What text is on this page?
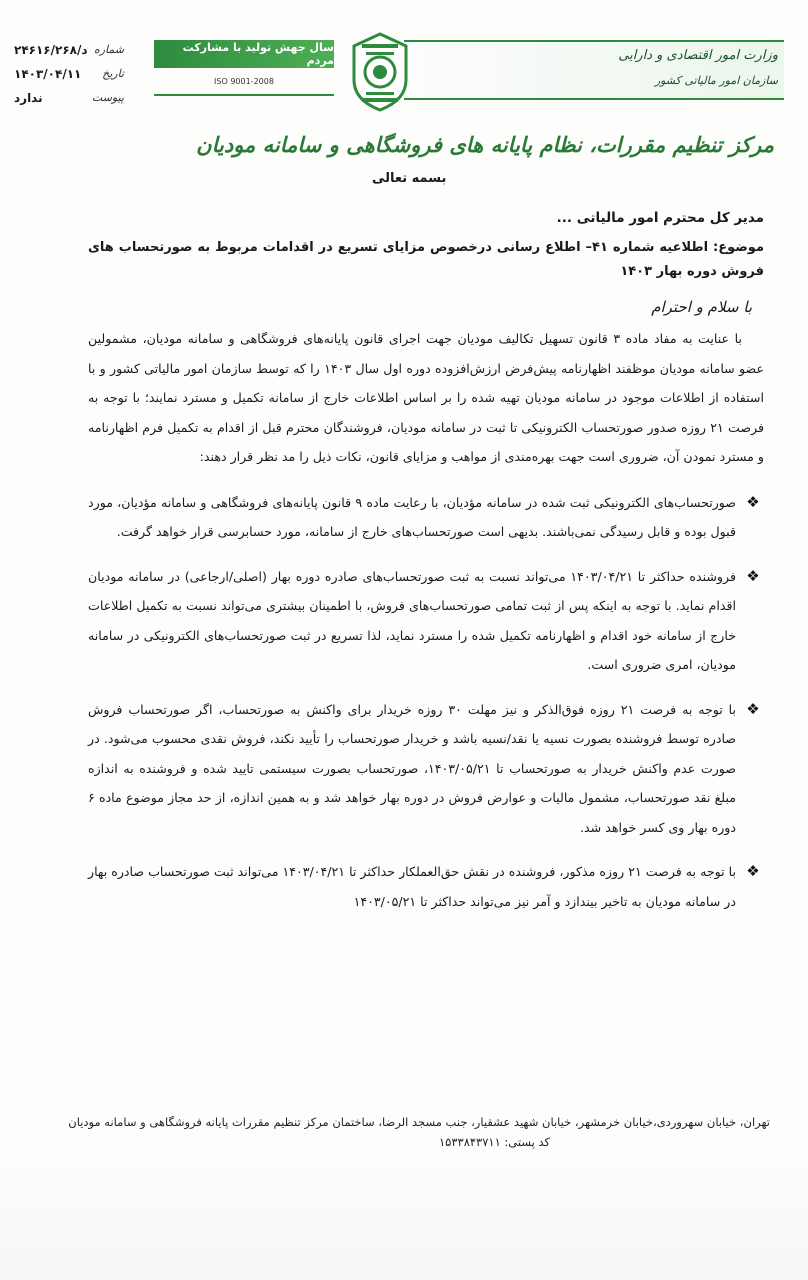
شماره
د/۲۴۶۱۶/۲۶۸
تاریخ
۱۴۰۳/۰۴/۱۱
پیوست
ندارد
سال جهش تولید با مشارکت مردم
ISO 9001-2008
وزارت امور اقتصادی و دارایی
سازمان امور مالیاتی کشور
مرکز تنظیم مقررات، نظام پایانه های فروشگاهی و سامانه مودیان
بسمه تعالی
مدیر کل محترم امور مالیاتی ...
موضوع: اطلاعیه شماره ۴۱– اطلاع رسانی درخصوص مزایای تسریع در اقدامات مربوط به صورتحساب های فروش دوره بهار ۱۴۰۳
با سلام و احترام

با عنایت به مفاد ماده ۳ قانون تسهیل تکالیف مودیان جهت اجرای قانون پایانه‌های فروشگاهی و سامانه مودیان، مشمولین عضو سامانه مودیان موظفند اظهارنامه پیش‌فرض ارزش‌افزوده دوره اول سال ۱۴۰۳ را که توسط سازمان امور مالیاتی کشور و با استفاده از اطلاعات موجود در سامانه مودیان تهیه شده را بر اساس اطلاعات خارج از سامانه تکمیل و مسترد نمایند؛ با توجه به فرصت ۲۱ روزه صدور صورتحساب الکترونیکی تا ثبت در سامانه مودیان، فروشندگان محترم قبل از اقدام به تکمیل فرم اظهارنامه و مسترد نمودن آن، ضروری است جهت بهره‌مندی از مواهب و مزایای قانون، نکات ذیل را مد نظر قرار دهند:

❖
صورتحساب‌های الکترونیکی ثبت شده در سامانه مؤدیان، با رعایت ماده ۹ قانون پایانه‌های فروشگاهی و سامانه مؤدیان، مورد قبول بوده و قابل رسیدگی نمی‌باشند. بدیهی است صورتحساب‌های خارج از سامانه، مورد حسابرسی قرار خواهد گرفت.
❖
فروشنده حداکثر تا ۱۴۰۳/۰۴/۲۱ می‌تواند نسبت به ثبت صورتحساب‌های صادره دوره بهار (اصلی/ارجاعی) در سامانه مودیان اقدام نماید. با توجه به اینکه پس از ثبت تمامی صورتحساب‌های فروش، با اطمینان بیشتری می‌تواند نسبت به تکمیل اطلاعات خارج از سامانه خود اقدام و اظهارنامه تکمیل شده را مسترد نماید، لذا تسریع در ثبت صورتحساب‌های الکترونیکی در سامانه مودیان، امری ضروری است.
❖
با توجه به فرصت ۲۱ روزه فوق‌الذکر و نیز مهلت ۳۰ روزه خریدار برای واکنش به صورتحساب، اگر صورتحساب فروش صادره توسط فروشنده بصورت نسیه یا نقد/نسیه باشد و خریدار صورتحساب را تأیید نکند، فروش نقدی محسوب می‌شود. در صورت عدم واکنش خریدار به صورتحساب تا ۱۴۰۳/۰۵/۲۱، صورتحساب بصورت سیستمی تایید شده و فروشنده به اندازه مبلغ نقد صورتحساب، مشمول مالیات و عوارض فروش در دوره بهار خواهد شد و به همین اندازه، از حد مجاز موضوع ماده ۶ دوره بهار وی کسر خواهد شد.
❖
با توجه به فرصت ۲۱ روزه مذکور، فروشنده در نقش حق‌العملکار حداکثر تا ۱۴۰۳/۰۴/۲۱ می‌تواند ثبت صورتحساب صادره بهار در سامانه مودیان به تاخیر بیندازد و آمر نیز می‌تواند حداکثر تا ۱۴۰۳/۰۵/۲۱
تهران، خیابان سهروردی،خیابان خرمشهر، خیابان شهید عشقیار، جنب مسجد الرضا، ساختمان مرکز تنظیم مقررات پایانه فروشگاهی و سامانه مودیان
کد پستی: ۱۵۳۳۸۴۳۷۱۱
